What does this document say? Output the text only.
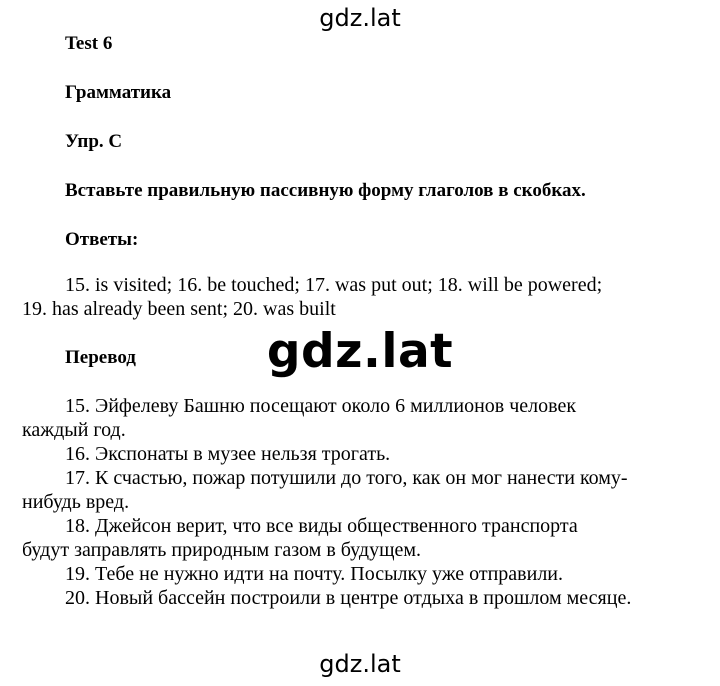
gdz.lat
Test 6
Грамматика
Упр. С
Вставьте правильную пассивную форму глаголов в скобках.
Ответы:
15. is visited; 16. be touched; 17. was put out; 18. will be powered;
19. has already been sent; 20. was built
Перевод	gdz.lat
15. Эйфелеву Башню посещают около 6 миллионов человек
каждый год.
16. Экспонаты в музее нельзя трогать.
17. К счастью, пожар потушили до того, как он мог нанести кому-
нибудь вред.
18. Джейсон верит, что все виды общественного транспорта
будут заправлять природным газом в будущем.
19. Тебе не нужно идти на почту. Посылку уже отправили.
20. Новый бассейн построили в центре отдыха в прошлом месяце.
gdz.lat
